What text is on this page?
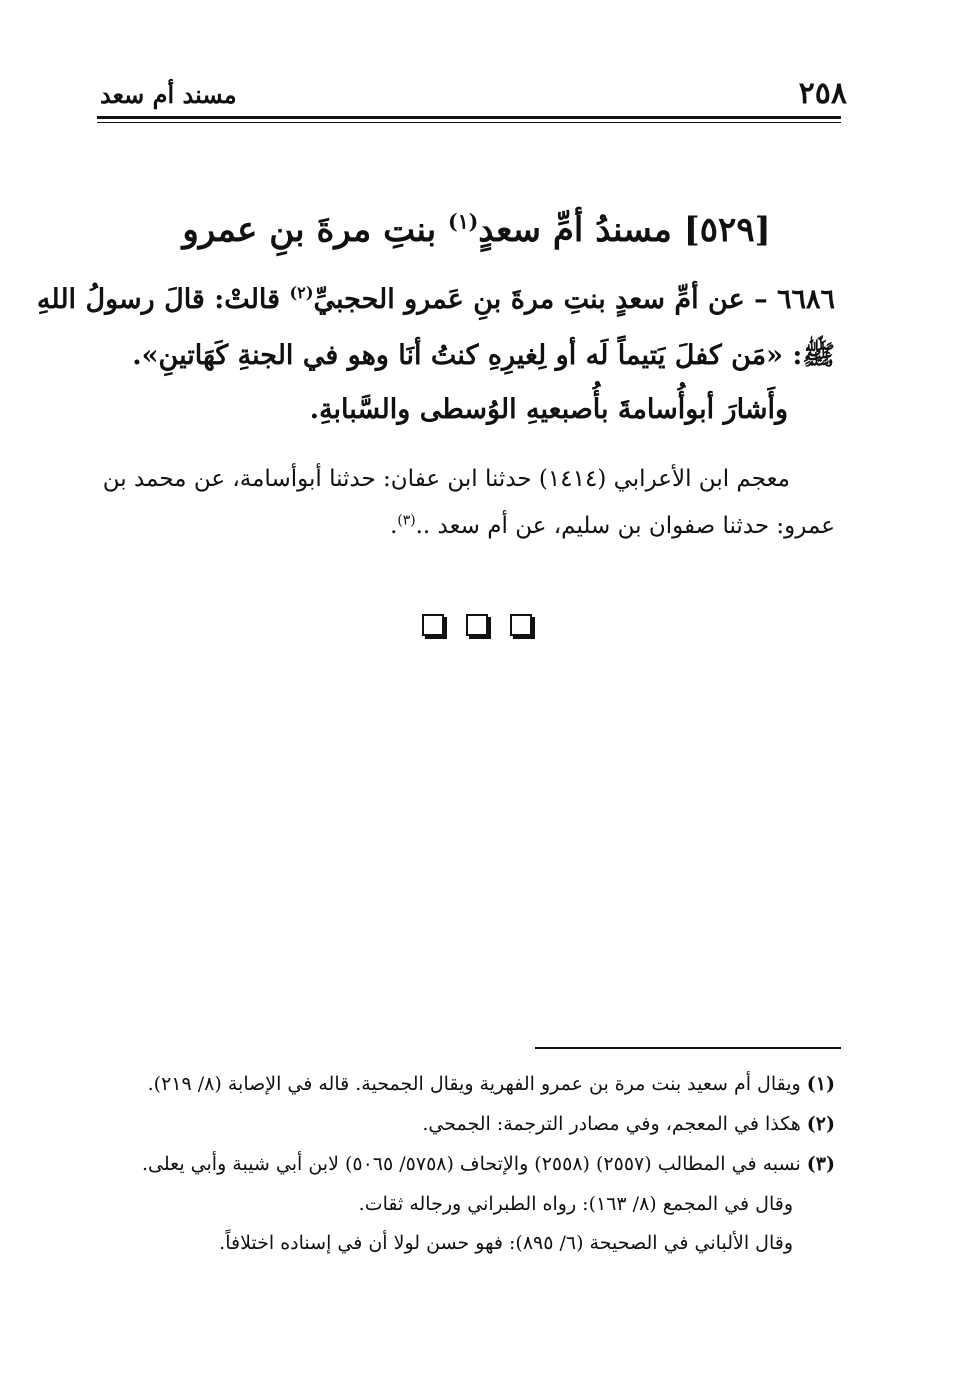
مسند أم سعد	٢٥٨
[٥٢٩] مسندُ أمِّ سعدٍ$^{(١)}$ بنتِ مرةَ بنِ عمرو
٦٦٨٦ – عن أمِّ سعدٍ بنتِ مرةَ بنِ عَمرو الحجبيِّ$^{(٢)}$ قالتْ: قالَ رسولُ اللهِ
ﷺ: «مَن كفلَ يَتيماً لَه أو لِغيرِهِ كنتُ أنَا وهو في الجنةِ كَهَاتينِ».
وأَشارَ أبوأُسامةَ بأُصبعيهِ الوُسطى والسَّبابةِ.
معجم ابن الأعرابي (١٤١٤) حدثنا ابن عفان: حدثنا أبوأسامة، عن محمد بن
عمرو: حدثنا صفوان بن سليم، عن أم سعد ..$^{(٣)}$.
(١) ويقال أم سعيد بنت مرة بن عمرو الفهرية ويقال الجمحية. قاله في الإصابة (٨/ ٢١٩).
(٢) هكذا في المعجم، وفي مصادر الترجمة: الجمحي.
(٣) نسبه في المطالب (٢٥٥٧) (٢٥٥٨) والإتحاف (٥٧٥٨/ ٥٠٦٥) لابن أبي شيبة وأبي يعلى.
وقال في المجمع (٨/ ١٦٣): رواه الطبراني ورجاله ثقات.
وقال الألباني في الصحيحة (٦/ ٨٩٥): فهو حسن لولا أن في إسناده اختلافاً.
